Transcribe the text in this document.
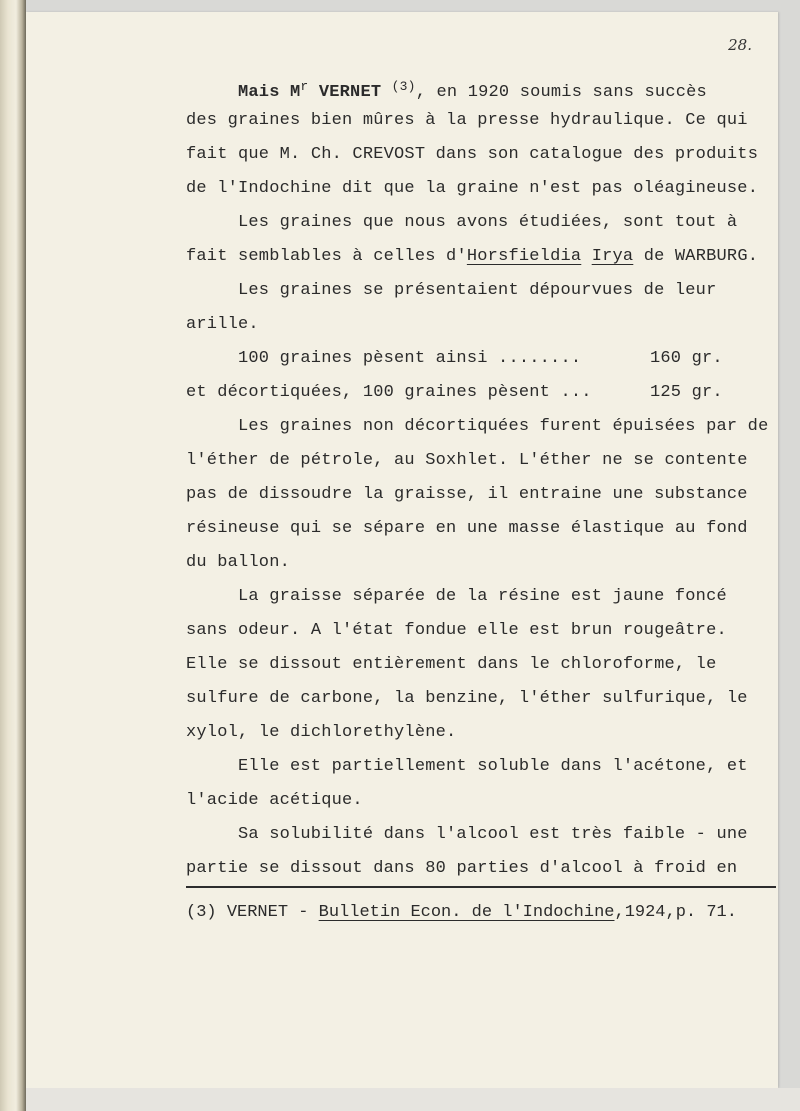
28.
Mais $M^r$ VERNET $^{(3)}$, en 1920 soumis sans succès
des graines bien mûres à la presse hydraulique. Ce qui
fait que M. Ch. CREVOST dans son catalogue des produits
de l'Indochine dit que la graine n'est pas oléagineuse.
Les graines que nous avons étudiées, sont tout à
fait semblables à celles d'Horsfieldia Irya de WARBURG.
Les graines se présentaient dépourvues de leur
arille.
100 graines pèsent ainsi ........	160 gr.
et décortiquées, 100 graines pèsent ...	125 gr.
Les graines non décortiquées furent épuisées par de
l'éther de pétrole, au Soxhlet. L'éther ne se contente
pas de dissoudre la graisse, il entraine une substance
résineuse qui se sépare en une masse élastique au fond
du ballon.
La graisse séparée de la résine est jaune foncé
sans odeur. A l'état fondue elle est brun rougeâtre.
Elle se dissout entièrement dans le chloroforme, le
sulfure de carbone, la benzine, l'éther sulfurique, le
xylol, le dichlorethylène.
Elle est partiellement soluble dans l'acétone, et
l'acide acétique.
Sa solubilité dans l'alcool est très faible - une
partie se dissout dans 80 parties d'alcool à froid en
(3) VERNET - Bulletin Econ. de l'Indochine,1924,p. 71.
